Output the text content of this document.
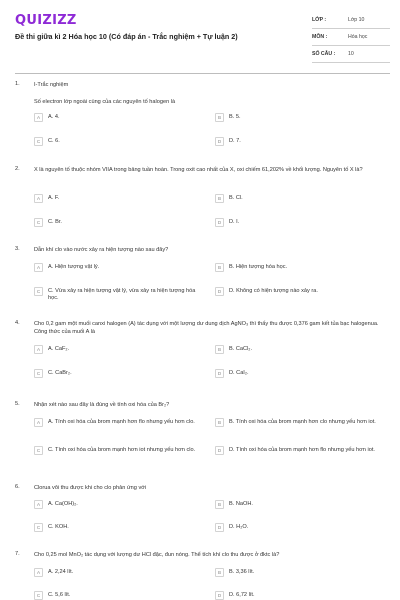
QUIZIZZ
Đề thi giữa kì 2 Hóa học 10 (Có đáp án - Trắc nghiệm + Tự luận 2)
LỚP :	Lớp 10
MÔN :	Hóa học
SỐ CÂU :	10
1.	I-Trắc nghiệm

Số electron lớp ngoài cùng của các nguyên tố halogen là
A	A. 4.	B	B. 5.
C	C. 6.	D	D. 7.
2.	X là nguyên tố thuộc nhóm VIIA trong bảng tuần hoàn. Trong oxit cao nhất của X, oxi chiếm 61,202% về khối lượng. Nguyên tố X là?
A	A. F.	B	B. Cl.
C	C. Br.	D	D. I.
3.	Dẫn khí clo vào nước xảy ra hiện tượng nào sau đây?
A	A. Hiện tượng vật lý.	B	B. Hiện tượng hóa học.
C	C. Vừa xảy ra hiện tượng vật lý, vừa xảy ra hiện tượng hóa học.
D	D. Không có hiện tượng nào xảy ra.
4.	Cho 0,2 gam một muối canxi halogen (A) tác dụng với một lượng dư dung dịch AgNO₃ thì thấy thu được 0,376 gam kết tủa bạc halogenua. Công thức của muối A là
A	A. CaF₂.	B	B. CaCl₂.
C	C. CaBr₂.	D	D. CaI₂.
5.	Nhận xét nào sau đây là đúng về tính oxi hóa của Br₂?
A	A. Tính oxi hóa của brom mạnh hơn flo nhưng yếu hơn clo.	B	B. Tính oxi hóa của brom mạnh hơn clo nhưng yếu hơn iot.
C	C. Tính oxi hóa của brom mạnh hơn iot nhưng yếu hơn clo.	D	D. Tính oxi hóa của brom mạnh hơn flo nhưng yếu hơn iot.
6.	Clorua vôi thu được khi cho clo phản ứng với
A	A. Ca(OH)₂.	B	B. NaOH.
C	C. KOH.	D	D. H₂O.
7.	Cho 0,25 mol MnO₂ tác dụng với lượng dư HCl đặc, đun nóng. Thể tích khí clo thu được ở đktc là?
A	A. 2,24 lít.	B	B. 3,36 lít.
C	C. 5,6 lít.	D	D. 6,72 lít.
